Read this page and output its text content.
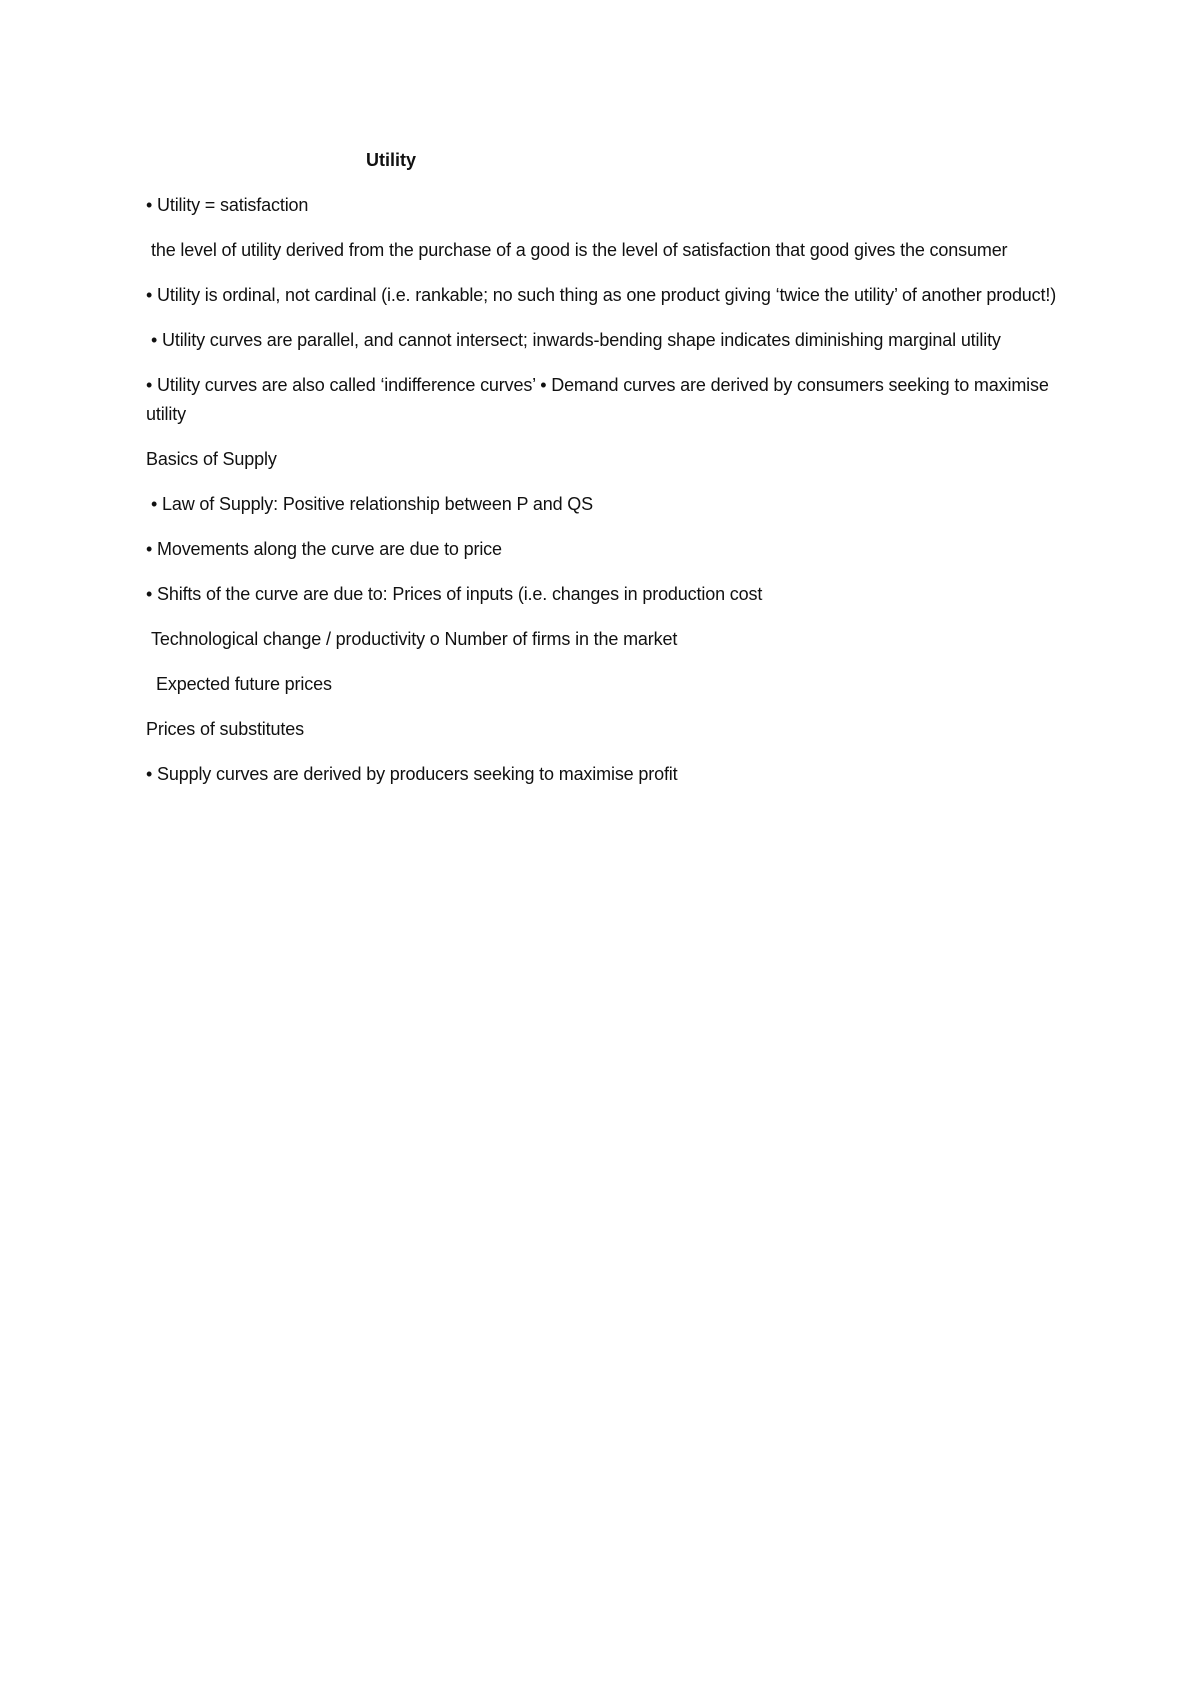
Utility

• Utility = satisfaction

the level of utility derived from the purchase of a good is the level of satisfaction that good gives the consumer

• Utility is ordinal, not cardinal (i.e. rankable; no such thing as one product giving ‘twice the utility’ of another product!)

• Utility curves are parallel, and cannot intersect; inwards-bending shape indicates diminishing marginal utility

• Utility curves are also called ‘indifference curves’ • Demand curves are derived by consumers seeking to maximise utility

Basics of Supply

• Law of Supply: Positive relationship between P and QS

• Movements along the curve are due to price

• Shifts of the curve are due to: Prices of inputs (i.e. changes in production cost

Technological change / productivity o Number of firms in the market

Expected future prices

Prices of substitutes

• Supply curves are derived by producers seeking to maximise profit
